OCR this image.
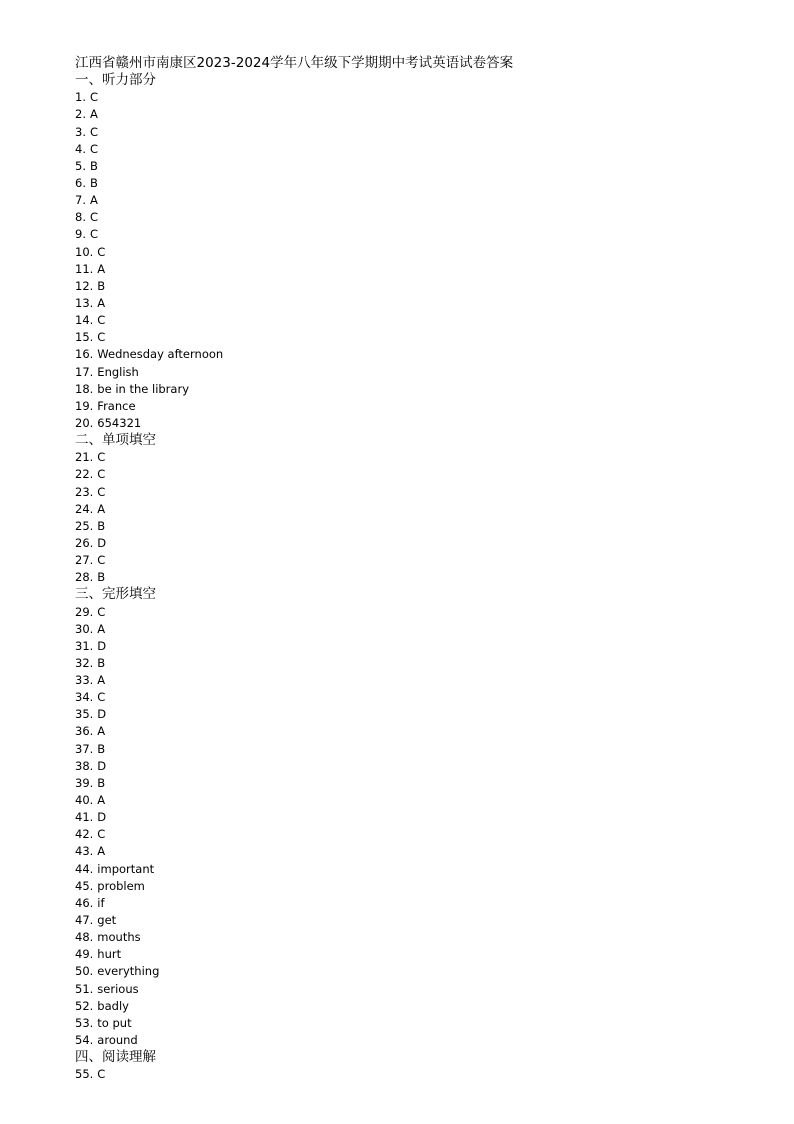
江西省赣州市南康区2023-2024学年八年级下学期期中考试英语试卷答案
一、听力部分
1. C
2. A
3. C
4. C
5. B
6. B
7. A
8. C
9. C
10. C
11. A
12. B
13. A
14. C
15. C
16. Wednesday afternoon
17. English
18. be in the library
19. France
20. 654321
二、单项填空
21. C
22. C
23. C
24. A
25. B
26. D
27. C
28. B
三、完形填空
29. C
30. A
31. D
32. B
33. A
34. C
35. D
36. A
37. B
38. D
39. B
40. A
41. D
42. C
43. A
44. important
45. problem
46. if
47. get
48. mouths
49. hurt
50. everything
51. serious
52. badly
53. to put
54. around
四、阅读理解
55. C
